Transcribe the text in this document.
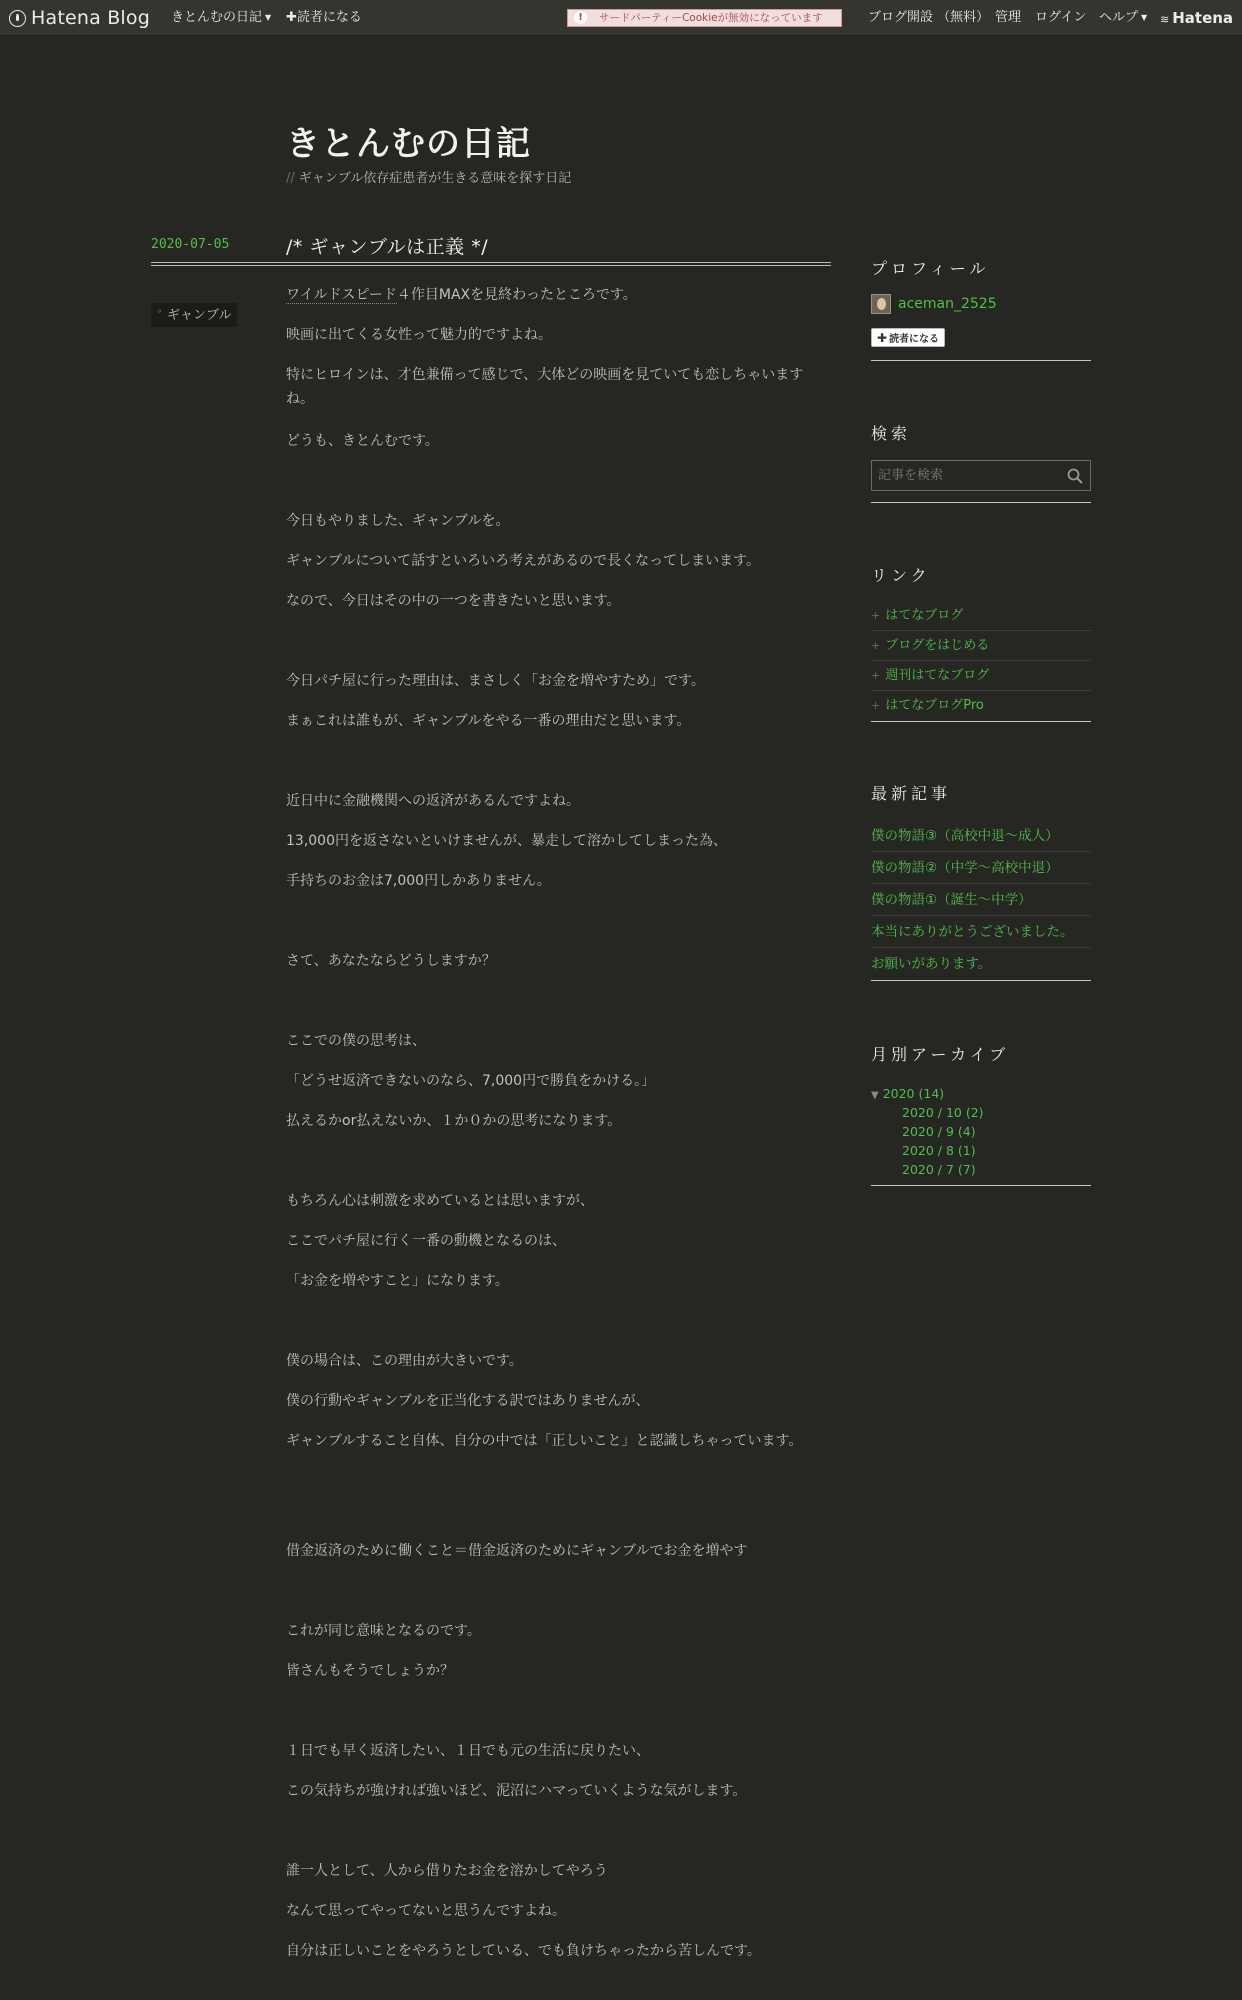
Hatena Blog きとんむの日記 ▼ ✚読者になる	!	サードパーティーCookieが無効になっています	ブログ開設 （無料） 管理 ログイン ヘルプ ▼ ≋ Hatena
きとんむの日記
// ギャンブル依存症患者が生きる意味を探す日記
2020-07-05	/* ギャンブルは正義 */
° ギャンブル
ワイルドスピード４作目MAXを見終わったところです。
映画に出てくる女性って魅力的ですよね。
特にヒロインは、才色兼備って感じで、大体どの映画を見ていても恋しちゃいますね。
どうも、きとんむです。
今日もやりました、ギャンブルを。
ギャンブルについて話すといろいろ考えがあるので長くなってしまいます。
なので、今日はその中の一つを書きたいと思います。
今日パチ屋に行った理由は、まさしく「お金を増やすため」です。
まぁこれは誰もが、ギャンブルをやる一番の理由だと思います。
近日中に金融機関への返済があるんですよね。
13,000円を返さないといけませんが、暴走して溶かしてしまった為、
手持ちのお金は7,000円しかありません。
さて、あなたならどうしますか？
ここでの僕の思考は、
「どうせ返済できないのなら、7,000円で勝負をかける。」
払えるかor払えないか、１か０かの思考になります。
もちろん心は刺激を求めているとは思いますが、
ここでパチ屋に行く一番の動機となるのは、
「お金を増やすこと」になります。
僕の場合は、この理由が大きいです。
僕の行動やギャンブルを正当化する訳ではありませんが、
ギャンブルすること自体、自分の中では「正しいこと」と認識しちゃっています。
借金返済のために働くこと＝借金返済のためにギャンブルでお金を増やす
これが同じ意味となるのです。
皆さんもそうでしょうか？
１日でも早く返済したい、１日でも元の生活に戻りたい、
この気持ちが強ければ強いほど、泥沼にハマっていくような気がします。
誰一人として、人から借りたお金を溶かしてやろう
なんて思ってやってないと思うんですよね。
自分は正しいことをやろうとしている、でも負けちゃったから苦しんです。
プロフィール
aceman_2525
✚ 読者になる
検索
記事を検索
リンク
+ はてなブログ
+ ブログをはじめる
+ 週刊はてなブログ
+ はてなブログPro
最新記事
僕の物語③（高校中退～成人）
僕の物語②（中学～高校中退）
僕の物語①（誕生～中学）
本当にありがとうございました。
お願いがあります。
月別アーカイブ
▼ 2020 (14)
2020 / 10 (2)
2020 / 9 (4)
2020 / 8 (1)
2020 / 7 (7)
